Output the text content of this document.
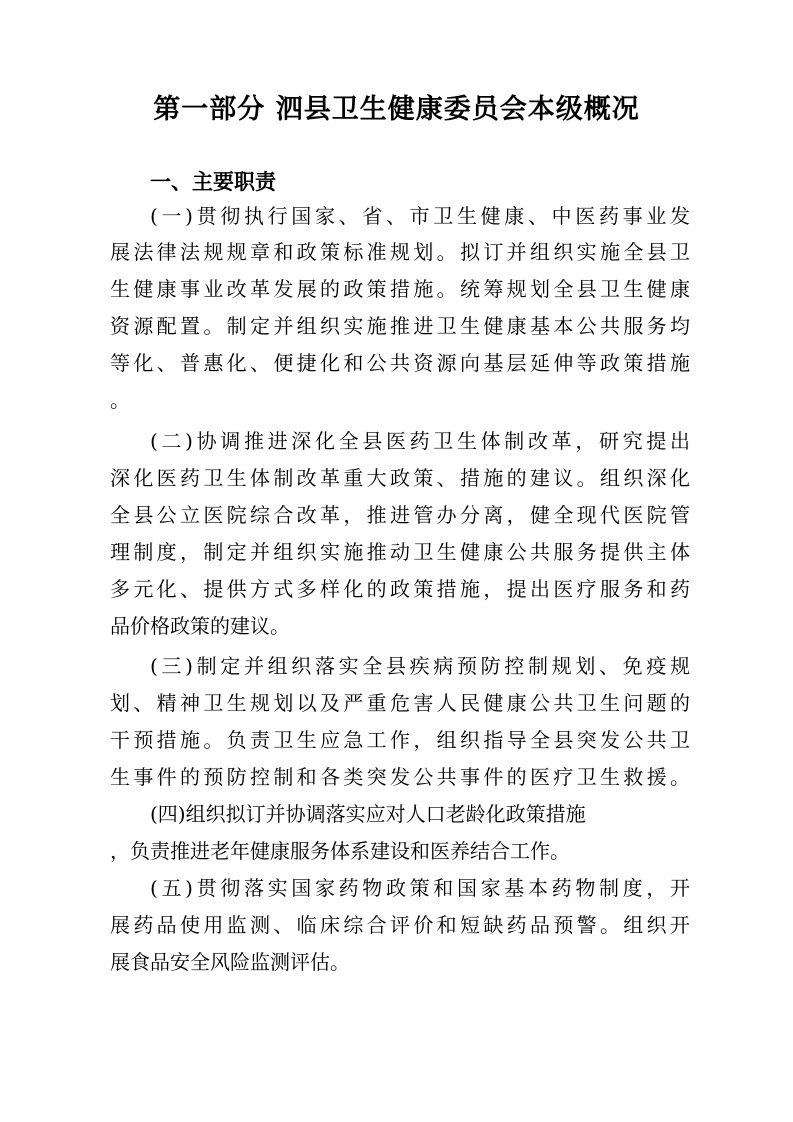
第一部分 泗县卫生健康委员会本级概况
一、主要职责

(一)贯彻执行国家、省、市卫生健康、中医药事业发

展法律法规规章和政策标准规划。拟订并组织实施全县卫

生健康事业改革发展的政策措施。统筹规划全县卫生健康

资源配置。制定并组织实施推进卫生健康基本公共服务均

等化、普惠化、便捷化和公共资源向基层延伸等政策措施

。

(二)协调推进深化全县医药卫生体制改革，研究提出

深化医药卫生体制改革重大政策、措施的建议。组织深化

全县公立医院综合改革，推进管办分离，健全现代医院管

理制度，制定并组织实施推动卫生健康公共服务提供主体

多元化、提供方式多样化的政策措施，提出医疗服务和药

品价格政策的建议。

(三)制定并组织落实全县疾病预防控制规划、免疫规

划、精神卫生规划以及严重危害人民健康公共卫生问题的

干预措施。负责卫生应急工作，组织指导全县突发公共卫

生事件的预防控制和各类突发公共事件的医疗卫生救援。

(四)组织拟订并协调落实应对人口老龄化政策措施

，负责推进老年健康服务体系建设和医养结合工作。

(五)贯彻落实国家药物政策和国家基本药物制度，开

展药品使用监测、临床综合评价和短缺药品预警。组织开

展食品安全风险监测评估。
